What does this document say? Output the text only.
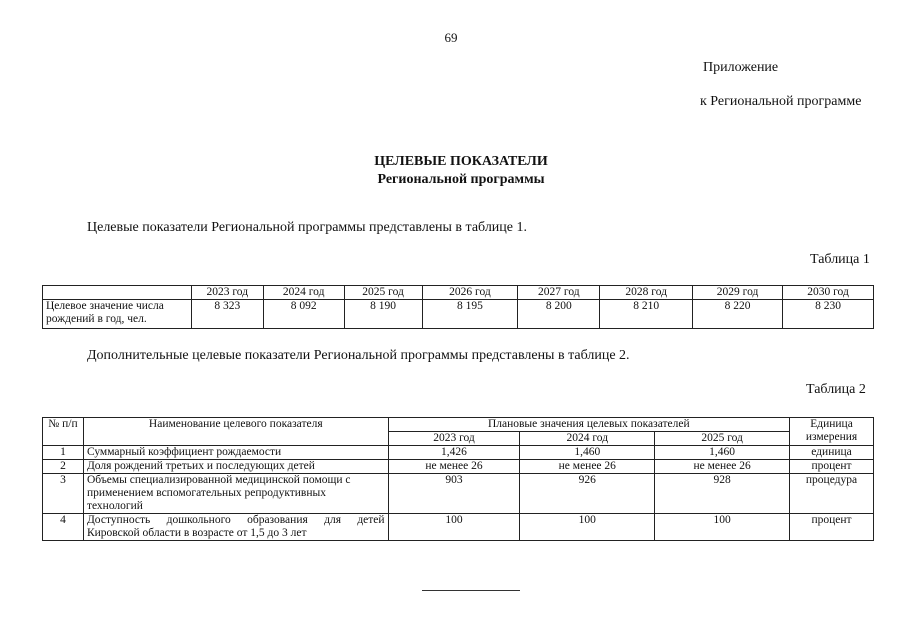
69
Приложение
к Региональной программе
ЦЕЛЕВЫЕ ПОКАЗАТЕЛИ
Региональной программы
Целевые показатели Региональной программы представлены в таблице 1.
Таблица 1
	2023 год	2024 год	2025 год	2026 год	2027 год	2028 год	2029 год	2030 год
Целевое значение числа рождений в год, чел.	8 323	8 092	8 190	8 195	8 200	8 210	8 220	8 230
Дополнительные целевые показатели Региональной программы представлены в таблице 2.
Таблица 2
№ п/п	Наименование целевого показателя	Плановые значения целевых показателей			Единица измерения
		2023 год	2024 год	2025 год	
1	Суммарный коэффициент рождаемости	1,426	1,460	1,460	единица
2	Доля рождений третьих и последующих детей	не менее 26	не менее 26	не менее 26	процент
3	Объемы специализированной медицинской помощи с применением вспомогательных репродуктивных технологий	903	926	928	процедура
4	Доступность дошкольного образования для детей Кировской области в возрасте от 1,5 до 3 лет	100	100	100	процент
